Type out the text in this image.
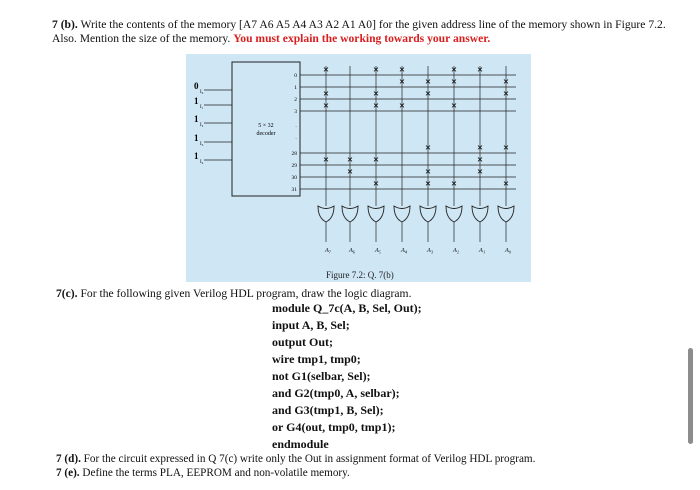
7 (b). Write the contents of the memory [A7 A6 A5 A4 A3 A2 A1 A0] for the given address line of the memory shown in Figure 7.2. Also. Mention the size of the memory. You must explain the working towards your answer.
5 × 32
decoder
0
I₀
1
I₁
1
I₂
1
I₃
1
I₄
0
1
2
3
·
·
28
29
30
31
×	× ×	× ×
× × ×	×
×	×	×	×
×	× ×	×
×	× ×
× × ×	×
×	×	×
×	× ×	×
A₇	A₆	A₅	A₄	A₃	A₂	A₁	A₀
Figure 7.2: Q. 7(b)
7(c). For the following given Verilog HDL program, draw the logic diagram.
module Q_7c(A, B, Sel, Out);
input A, B, Sel;
output Out;
wire tmp1, tmp0;
not G1(selbar, Sel);
and G2(tmp0, A, selbar);
and G3(tmp1, B, Sel);
or G4(out, tmp0, tmp1);
endmodule
7 (d). For the circuit expressed in Q 7(c) write only the Out in assignment format of Verilog HDL program.
7 (e). Define the terms PLA, EEPROM and non-volatile memory.
